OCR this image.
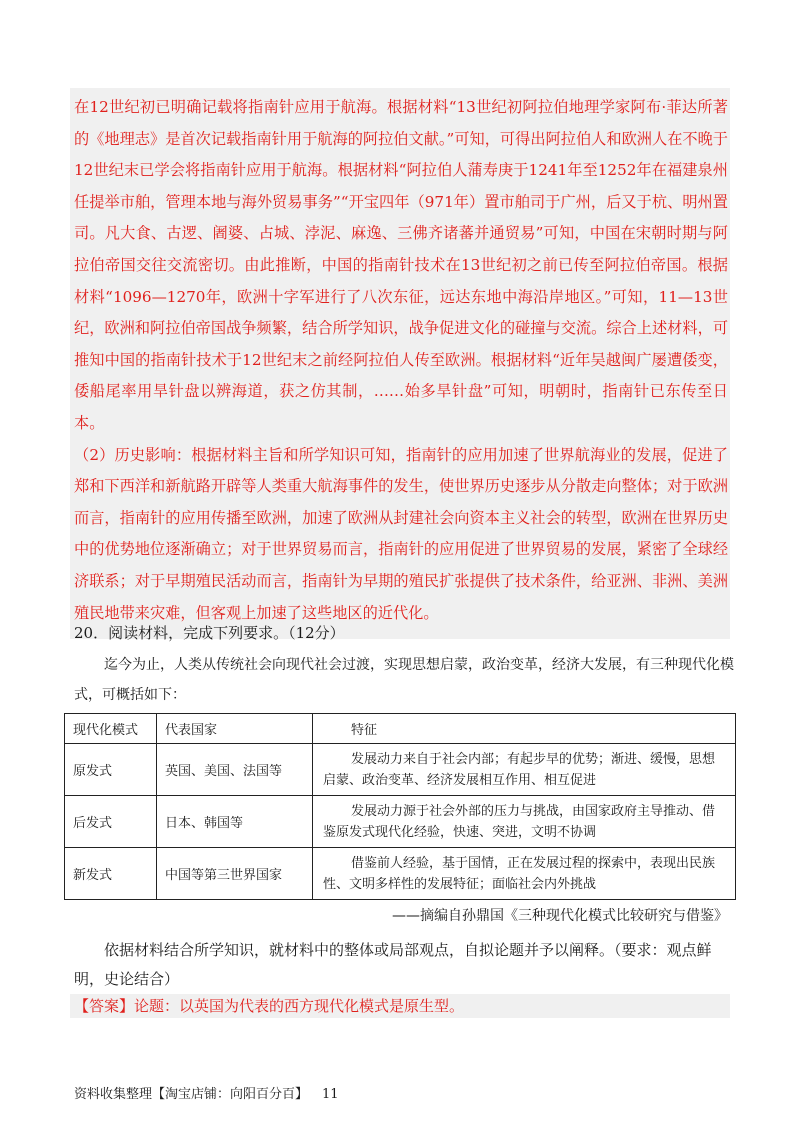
在12世纪初已明确记载将指南针应用于航海。根据材料“13世纪初阿拉伯地理学家阿布·菲达所著的《地理志》是首次记载指南针用于航海的阿拉伯文献。”可知，可得出阿拉伯人和欧洲人在不晚于12世纪末已学会将指南针应用于航海。根据材料“阿拉伯人蒲寿庚于1241年至1252年在福建泉州任提举市舶，管理本地与海外贸易事务”“开宝四年（971年）置市舶司于广州，后又于杭、明州置司。凡大食、古逻、阇婆、占城、浡泥、麻逸、三佛齐诸蕃并通贸易”可知，中国在宋朝时期与阿拉伯帝国交往交流密切。由此推断，中国的指南针技术在13世纪初之前已传至阿拉伯帝国。根据材料“1096—1270年，欧洲十字军进行了八次东征，远达东地中海沿岸地区。”可知，11—13世纪，欧洲和阿拉伯帝国战争频繁，结合所学知识，战争促进文化的碰撞与交流。综合上述材料，可推知中国的指南针技术于12世纪末之前经阿拉伯人传至欧洲。根据材料“近年吴越闽广屡遭倭变，倭船尾率用旱针盘以辨海道，获之仿其制，……始多旱针盘”可知，明朝时，指南针已东传至日本。

（2）历史影响：根据材料主旨和所学知识可知，指南针的应用加速了世界航海业的发展，促进了郑和下西洋和新航路开辟等人类重大航海事件的发生，使世界历史逐步从分散走向整体；对于欧洲而言，指南针的应用传播至欧洲，加速了欧洲从封建社会向资本主义社会的转型，欧洲在世界历史中的优势地位逐渐确立；对于世界贸易而言，指南针的应用促进了世界贸易的发展，紧密了全球经济联系；对于早期殖民活动而言，指南针为早期的殖民扩张提供了技术条件，给亚洲、非洲、美洲殖民地带来灾难，但客观上加速了这些地区的近代化。

20．阅读材料，完成下列要求。（12分）
迄今为止，人类从传统社会向现代社会过渡，实现思想启蒙，政治变革，经济大发展，有三种现代化模式，可概括如下：
现代化模式	代表国家	特征
原发式	英国、美国、法国等	发展动力来自于社会内部；有起步早的优势；渐进、缓慢，思想启蒙、政治变革、经济发展相互作用、相互促进
后发式	日本、韩国等	发展动力源于社会外部的压力与挑战，由国家政府主导推动、借鉴原发式现代化经验，快速、突进，文明不协调
新发式	中国等第三世界国家	借鉴前人经验，基于国情，正在发展过程的探索中，表现出民族性、文明多样性的发展特征；面临社会内外挑战
——摘编自孙鼎国《三种现代化模式比较研究与借鉴》
依据材料结合所学知识，就材料中的整体或局部观点，自拟论题并予以阐释。（要求：观点鲜明，史论结合）
【答案】论题：以英国为代表的西方现代化模式是原生型。
资料收集整理【淘宝店铺：向阳百分百】 11
